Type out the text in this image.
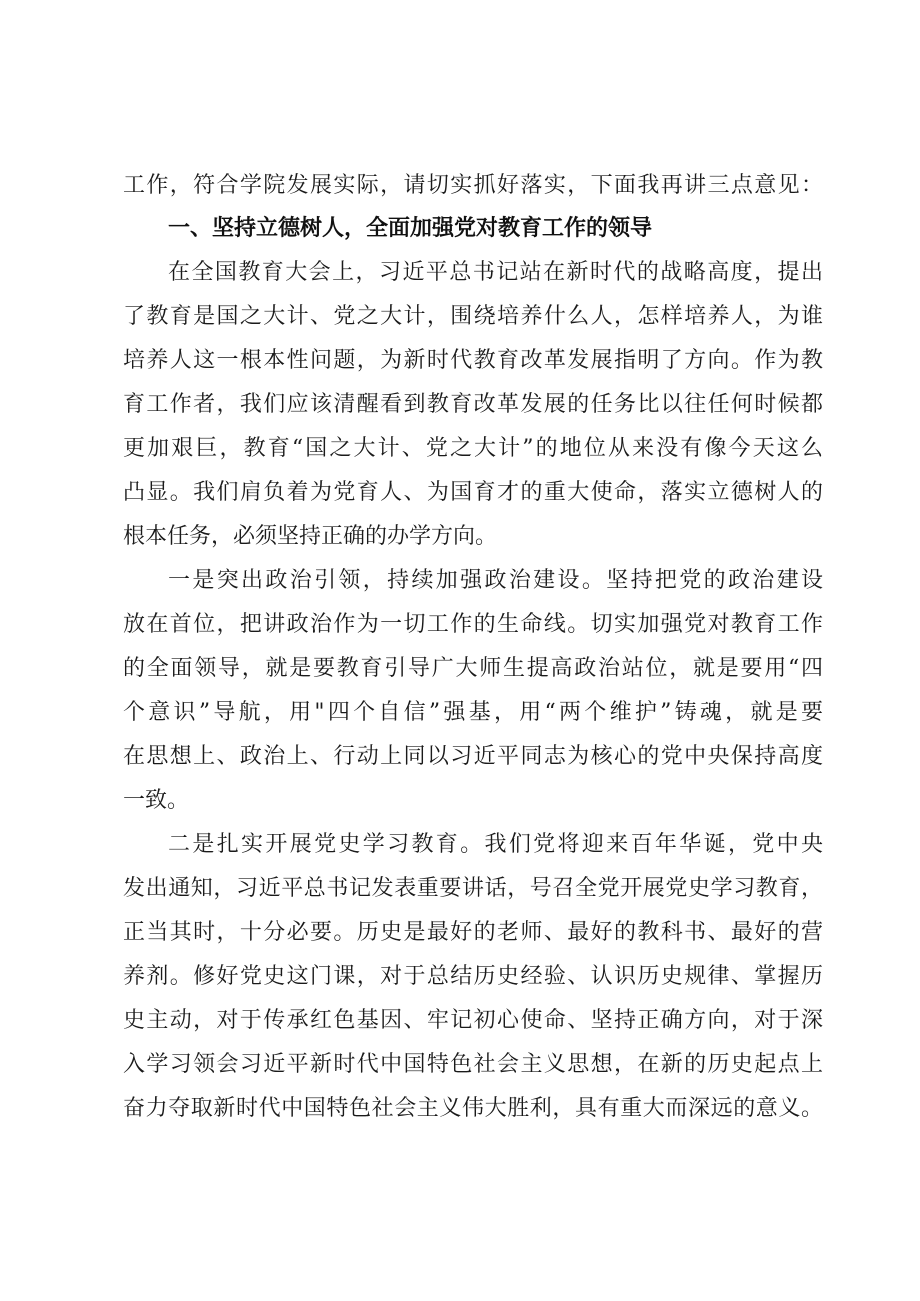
工作，符合学院发展实际，请切实抓好落实，下面我再讲三点意见：
一、坚持立德树人，全面加强党对教育工作的领导
在全国教育大会上，习近平总书记站在新时代的战略高度，提出
了教育是国之大计、党之大计，围绕培养什么人，怎样培养人，为谁
培养人这一根本性问题，为新时代教育改革发展指明了方向。作为教
育工作者，我们应该清醒看到教育改革发展的任务比以往任何时候都
更加艰巨，教育“国之大计、党之大计”的地位从来没有像今天这么
凸显。我们肩负着为党育人、为国育才的重大使命，落实立德树人的
根本任务，必须坚持正确的办学方向。
一是突出政治引领，持续加强政治建设。坚持把党的政治建设
放在首位，把讲政治作为一切工作的生命线。切实加强党对教育工作
的全面领导，就是要教育引导广大师生提高政治站位，就是要用“四
个意识”导航，用"四个自信”强基，用“两个维护”铸魂，就是要
在思想上、政治上、行动上同以习近平同志为核心的党中央保持高度
一致。
二是扎实开展党史学习教育。我们党将迎来百年华诞，党中央
发出通知，习近平总书记发表重要讲话，号召全党开展党史学习教育，
正当其时，十分必要。历史是最好的老师、最好的教科书、最好的营
养剂。修好党史这门课，对于总结历史经验、认识历史规律、掌握历
史主动，对于传承红色基因、牢记初心使命、坚持正确方向，对于深
入学习领会习近平新时代中国特色社会主义思想，在新的历史起点上
奋力夺取新时代中国特色社会主义伟大胜利，具有重大而深远的意义。
